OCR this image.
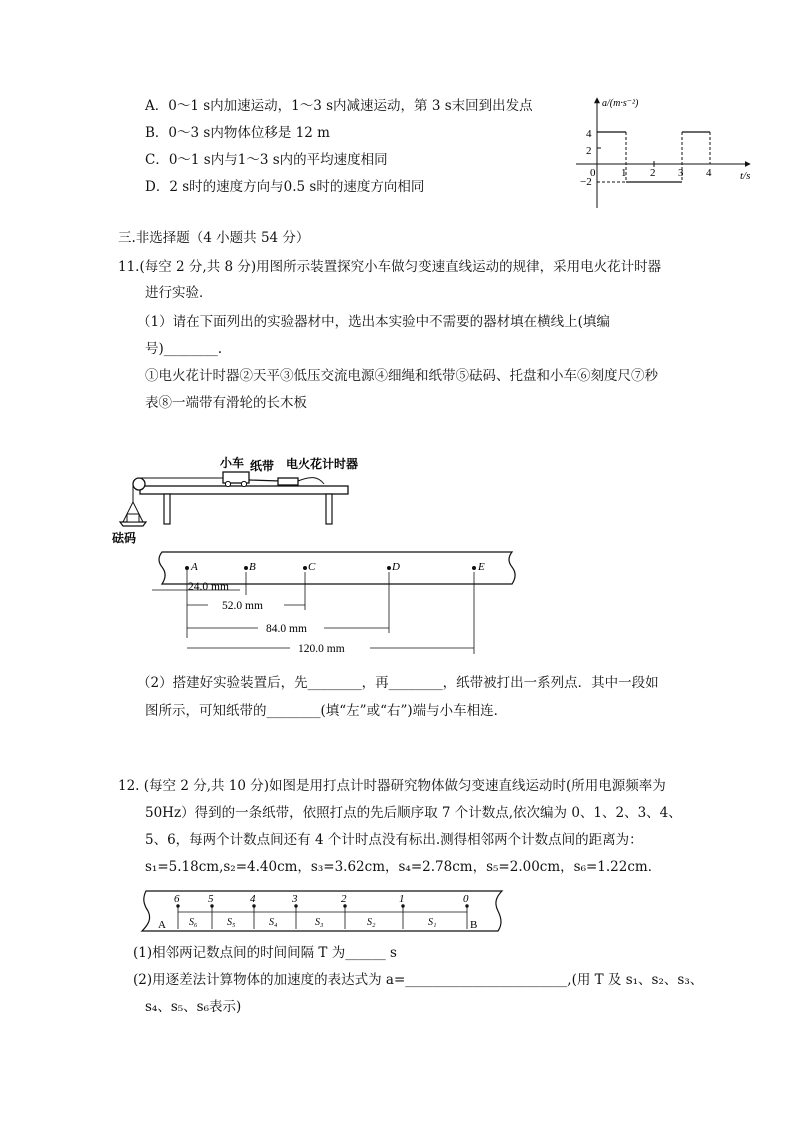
A．0～1 s内加速运动，1～3 s内减速运动，第 3 s末回到出发点
B．0～3 s内物体位移是 12 m
C．0～1 s内与1～3 s内的平均速度相同
D．2 s时的速度方向与0.5 s时的速度方向相同
a/(m·s⁻²)
t/s
4
2
−2
0 1 2 3 4
三.非选择题（4 小题共 54 分）
11.(每空 2 分,共 8 分)用图所示装置探究小车做匀变速直线运动的规律，采用电火花计时器
进行实验．
（1）请在下面列出的实验器材中，选出本实验中不需要的器材填在横线上(填编
号)________.
①电火花计时器②天平③低压交流电源④细绳和纸带⑤砝码、托盘和小车⑥刻度尺⑦秒
表⑧一端带有滑轮的长木板
砝码
小车 纸带 电火花计时器
A	B	C	D	E
24.0 mm
52.0 mm
84.0 mm
120.0 mm
（2）搭建好实验装置后，先________，再________，纸带被打出一系列点．其中一段如
图所示，可知纸带的________(填“左”或“右”)端与小车相连．
12. (每空 2 分,共 10 分)如图是用打点计时器研究物体做匀变速直线运动时(所用电源频率为
50Hz）得到的一条纸带，依照打点的先后顺序取 7 个计数点,依次编为 0、1、2、3、4、
5、6，每两个计数点间还有 4 个计时点没有标出.测得相邻两个计数点间的距离为：
s₁=5.18cm,s₂=4.40cm，s₃=3.62cm，s₄=2.78cm，s₅=2.00cm，s₆=1.22cm．
6	5	4	3	2	1	0
S₆	S₅	S₄	S₃	S₂	S₁
A	B
(1)相邻两记数点间的时间间隔 T 为______ s
(2)用逐差法计算物体的加速度的表达式为 a=________________________,(用 T 及 s₁、s₂、s₃、
s₄、s₅、s₆表示)
